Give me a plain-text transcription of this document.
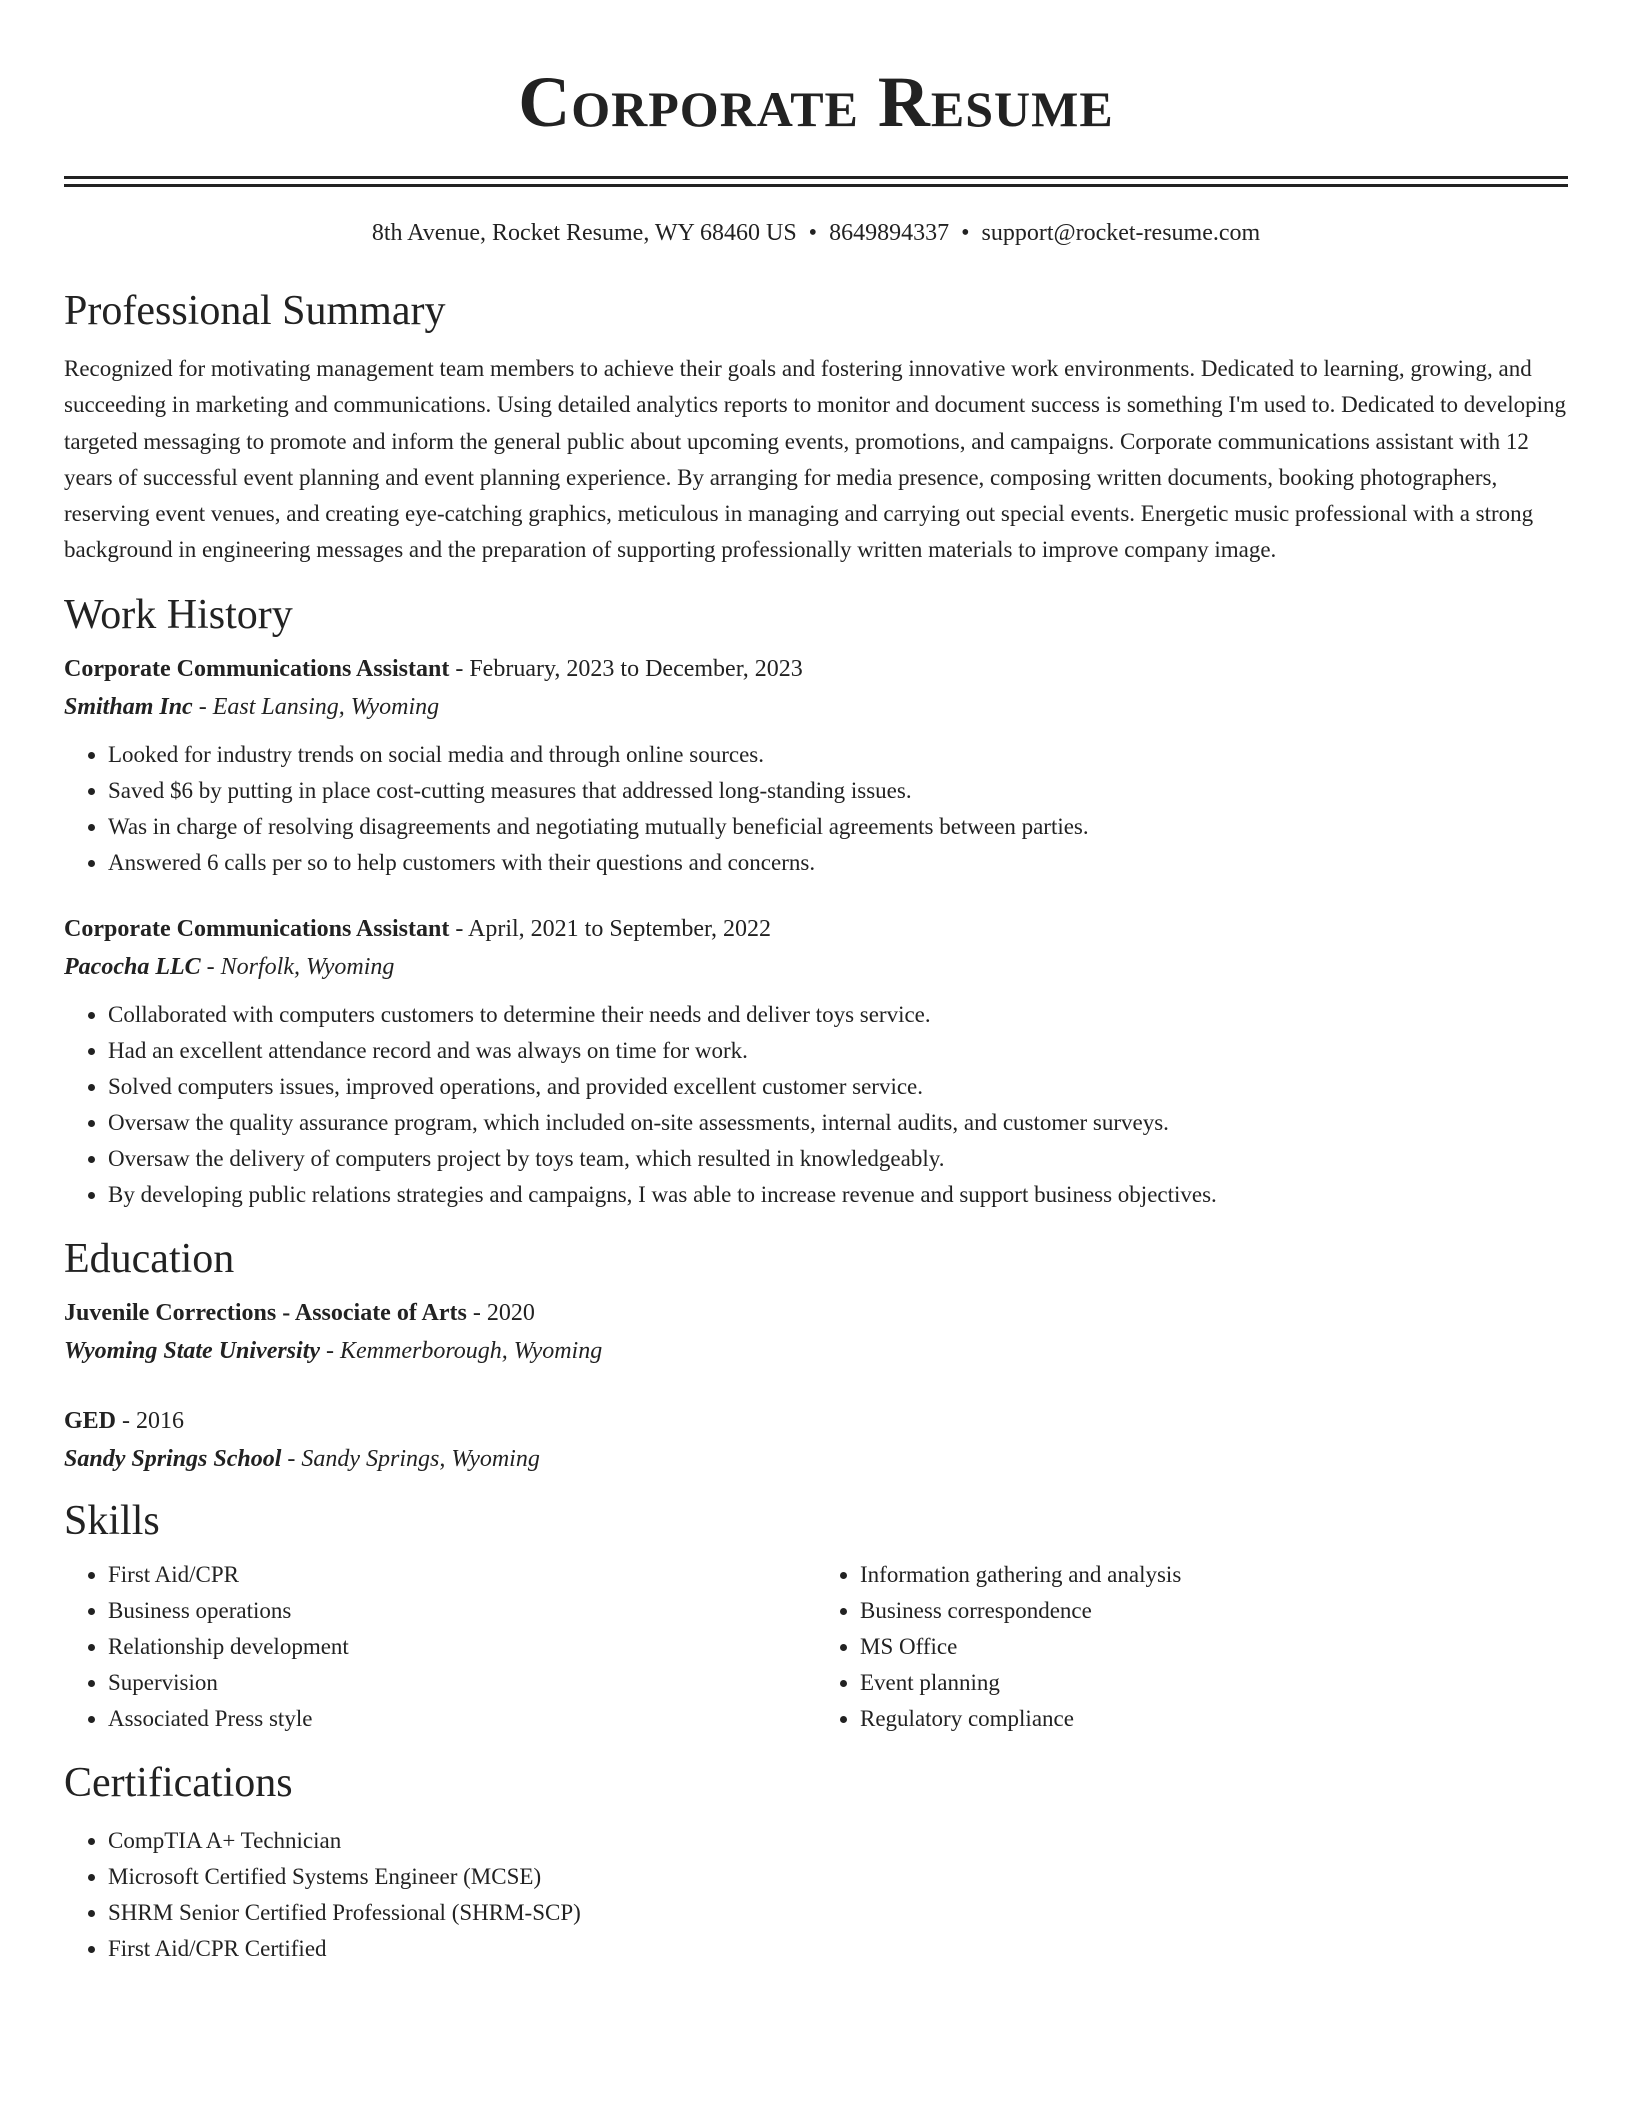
Corporate Resume
8th Avenue, Rocket Resume, WY 68460 US • 8649894337 • support@rocket-resume.com
Professional Summary
Recognized for motivating management team members to achieve their goals and fostering innovative work environments. Dedicated to learning, growing, and succeeding in marketing and communications. Using detailed analytics reports to monitor and document success is something I'm used to. Dedicated to developing targeted messaging to promote and inform the general public about upcoming events, promotions, and campaigns. Corporate communications assistant with 12 years of successful event planning and event planning experience. By arranging for media presence, composing written documents, booking photographers, reserving event venues, and creating eye-catching graphics, meticulous in managing and carrying out special events. Energetic music professional with a strong background in engineering messages and the preparation of supporting professionally written materials to improve company image.
Work History
Corporate Communications Assistant - February, 2023 to December, 2023
Smitham Inc - East Lansing, Wyoming
• Looked for industry trends on social media and through online sources.
• Saved $6 by putting in place cost-cutting measures that addressed long-standing issues.
• Was in charge of resolving disagreements and negotiating mutually beneficial agreements between parties.
• Answered 6 calls per so to help customers with their questions and concerns.
Corporate Communications Assistant - April, 2021 to September, 2022
Pacocha LLC - Norfolk, Wyoming
• Collaborated with computers customers to determine their needs and deliver toys service.
• Had an excellent attendance record and was always on time for work.
• Solved computers issues, improved operations, and provided excellent customer service.
• Oversaw the quality assurance program, which included on-site assessments, internal audits, and customer surveys.
• Oversaw the delivery of computers project by toys team, which resulted in knowledgeably.
• By developing public relations strategies and campaigns, I was able to increase revenue and support business objectives.
Education
Juvenile Corrections - Associate of Arts - 2020
Wyoming State University - Kemmerborough, Wyoming
GED - 2016
Sandy Springs School - Sandy Springs, Wyoming
Skills
• First Aid/CPR
• Business operations
• Relationship development
• Supervision
• Associated Press style
• Information gathering and analysis
• Business correspondence
• MS Office
• Event planning
• Regulatory compliance
Certifications
• CompTIA A+ Technician
• Microsoft Certified Systems Engineer (MCSE)
• SHRM Senior Certified Professional (SHRM-SCP)
• First Aid/CPR Certified
